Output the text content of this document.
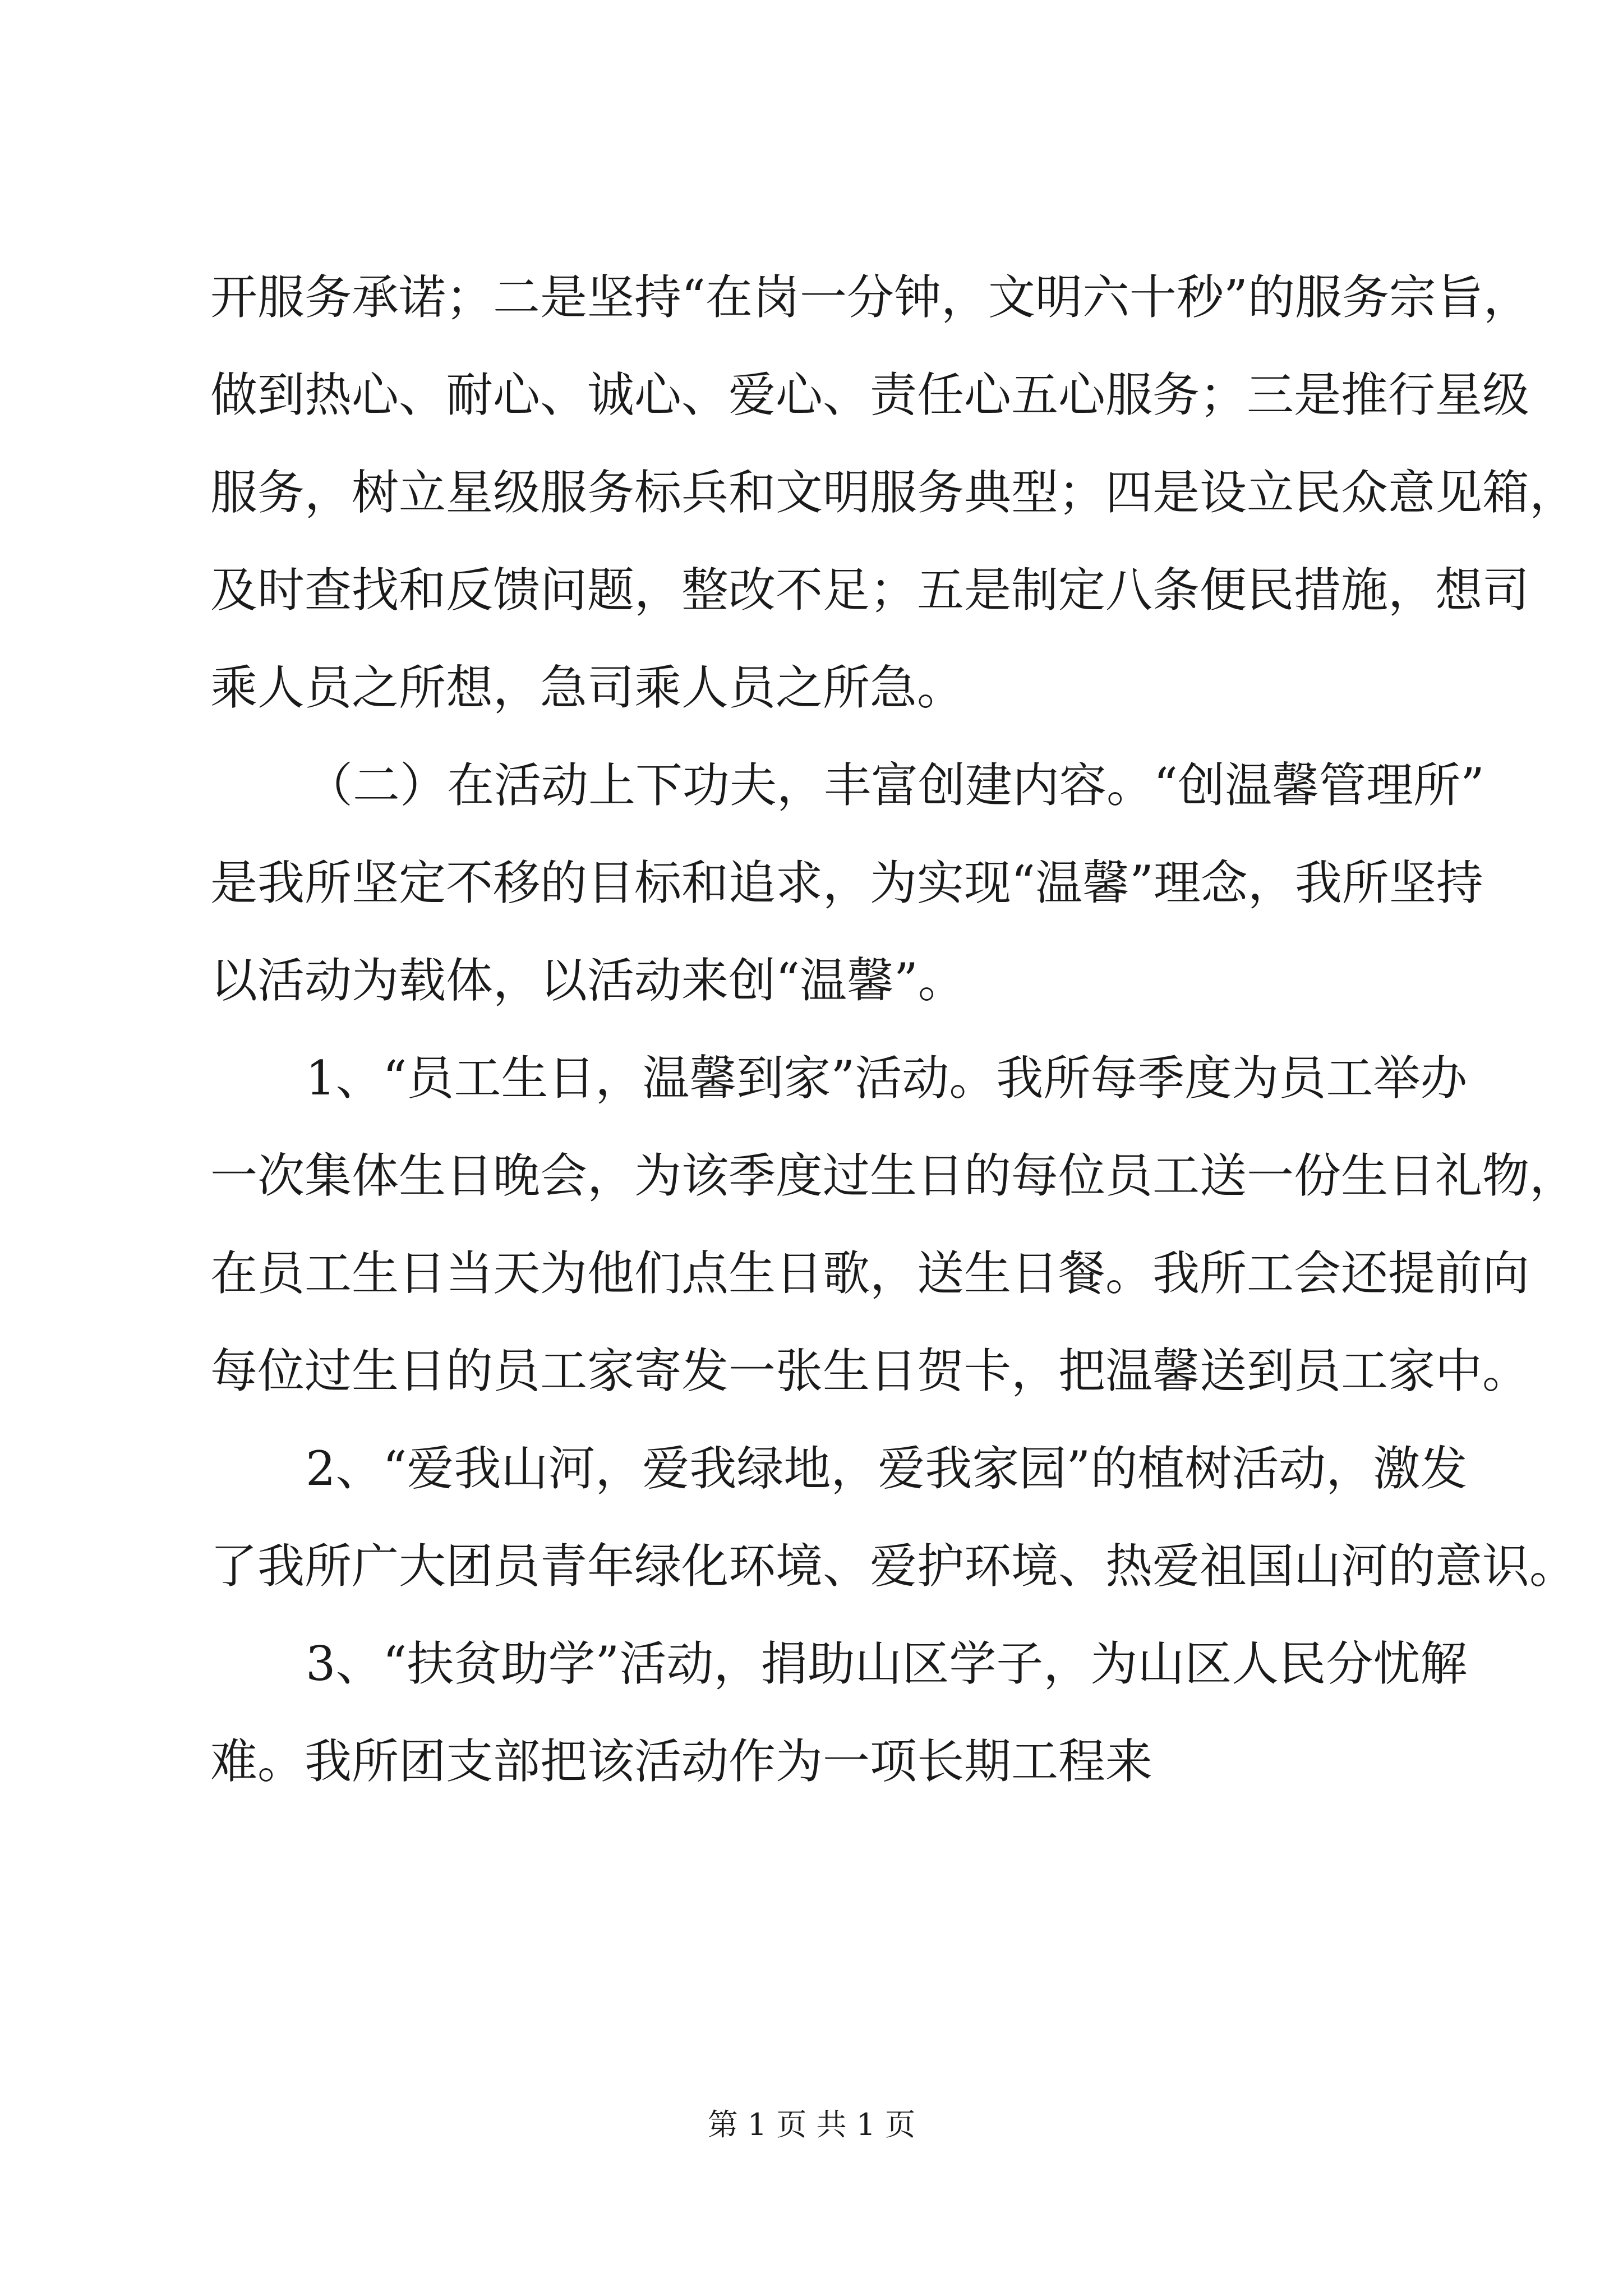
开服务承诺；二是坚持“在岗一分钟，文明六十秒”的服务宗旨，
做到热心、耐心、诚心、爱心、责任心五心服务；三是推行星级
服务，树立星级服务标兵和文明服务典型；四是设立民众意见箱，
及时查找和反馈问题，整改不足；五是制定八条便民措施，想司
乘人员之所想，急司乘人员之所急。
（二）在活动上下功夫，丰富创建内容。“创温馨管理所”
是我所坚定不移的目标和追求，为实现“温馨”理念，我所坚持
以活动为载体，以活动来创“温馨”。
1、“员工生日，温馨到家”活动。我所每季度为员工举办
一次集体生日晚会，为该季度过生日的每位员工送一份生日礼物，
在员工生日当天为他们点生日歌，送生日餐。我所工会还提前向
每位过生日的员工家寄发一张生日贺卡，把温馨送到员工家中。
2、“爱我山河，爱我绿地，爱我家园”的植树活动，激发
了我所广大团员青年绿化环境、爱护环境、热爱祖国山河的意识。
3、“扶贫助学”活动，捐助山区学子，为山区人民分忧解
难。我所团支部把该活动作为一项长期工程来
第 1 页 共 1 页
